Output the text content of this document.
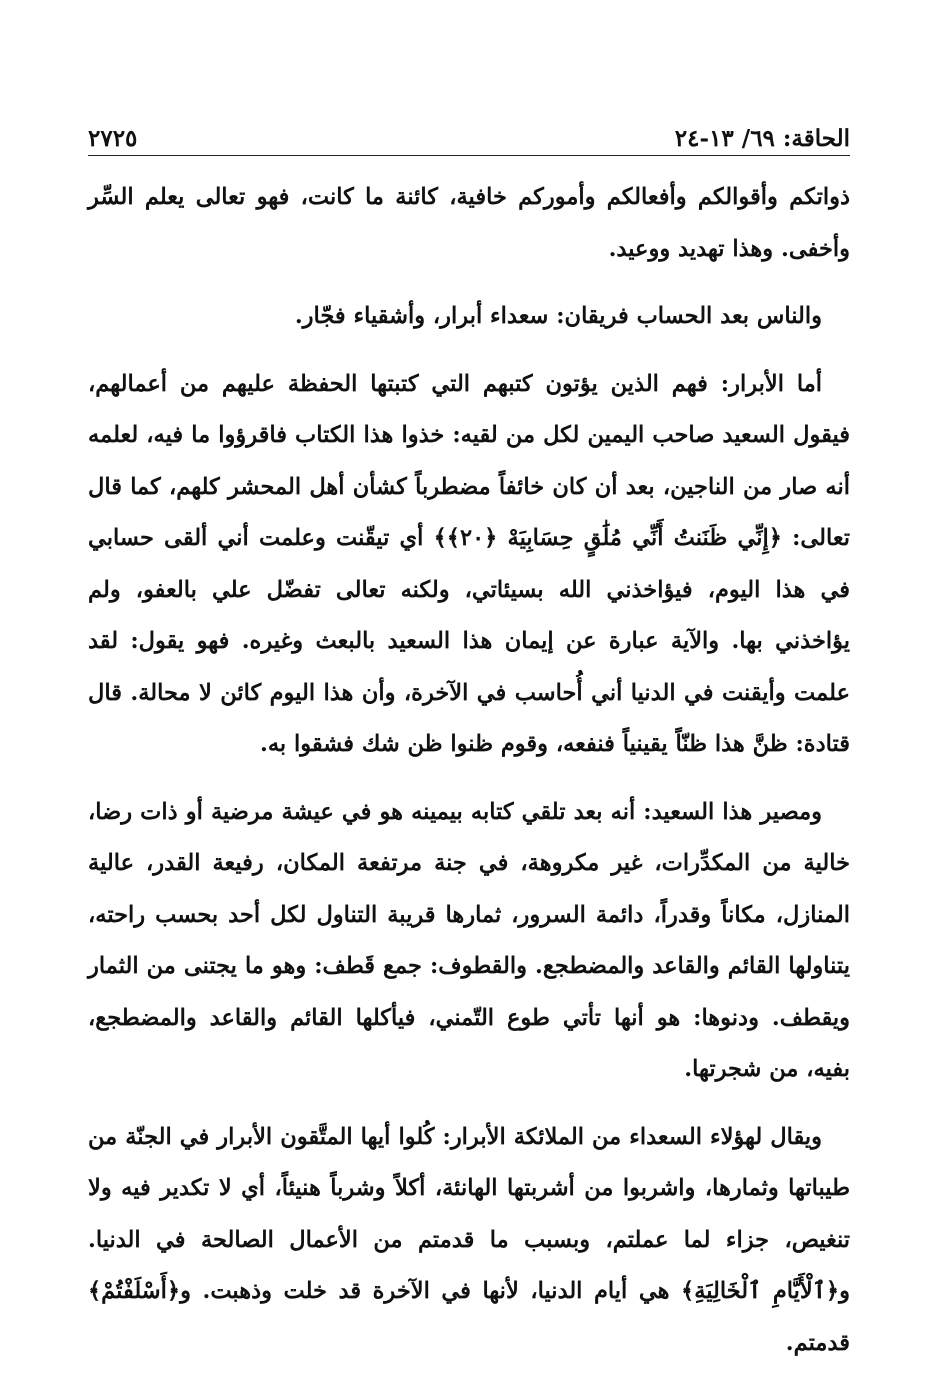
الحاقة: ٦٩/ ١٣-٢٤
٢٧٢٥

ذواتكم وأقوالكم وأفعالكم وأموركم خافية، كائنة ما كانت، فهو تعالى يعلم السِّر وأخفى. وهذا تهديد ووعيد.

والناس بعد الحساب فريقان: سعداء أبرار، وأشقياء فجّار.

أما الأبرار: فهم الذين يؤتون كتبهم التي كتبتها الحفظة عليهم من أعمالهم، فيقول السعيد صاحب اليمين لكل من لقيه: خذوا هذا الكتاب فاقرؤوا ما فيه، لعلمه أنه صار من الناجين، بعد أن كان خائفاً مضطرباً كشأن أهل المحشر كلهم، كما قال تعالى: ﴿إِنِّي ظَنَنتُ أَنِّي مُلَٰقٍ حِسَابِيَهْ ﴿٢٠﴾﴾ أي تيقّنت وعلمت أني ألقى حسابي في هذا اليوم، فيؤاخذني الله بسيئاتي، ولكنه تعالى تفضّل علي بالعفو، ولم يؤاخذني بها. والآية عبارة عن إيمان هذا السعيد بالبعث وغيره. فهو يقول: لقد علمت وأيقنت في الدنيا أني أُحاسب في الآخرة، وأن هذا اليوم كائن لا محالة. قال قتادة: ظنَّ هذا ظنّاً يقينياً فنفعه، وقوم ظنوا ظن شك فشقوا به.

ومصير هذا السعيد: أنه بعد تلقي كتابه بيمينه هو في عيشة مرضية أو ذات رضا، خالية من المكدِّرات، غير مكروهة، في جنة مرتفعة المكان، رفيعة القدر، عالية المنازل، مكاناً وقدراً، دائمة السرور، ثمارها قريبة التناول لكل أحد بحسب راحته، يتناولها القائم والقاعد والمضطجع. والقطوف: جمع قَطف: وهو ما يجتنى من الثمار ويقطف. ودنوها: هو أنها تأتي طوع التّمني، فيأكلها القائم والقاعد والمضطجع، بفيه، من شجرتها.

ويقال لهؤلاء السعداء من الملائكة الأبرار: كُلوا أيها المتَّقون الأبرار في الجنّة من طيباتها وثمارها، واشربوا من أشربتها الهانئة، أكلاً وشرباً هنيئاً، أي لا تكدير فيه ولا تنغيص، جزاء لما عملتم، وبسبب ما قدمتم من الأعمال الصالحة في الدنيا. و﴿ٱلْأَيَّامِ ٱلْخَالِيَةِ﴾ هي أيام الدنيا، لأنها في الآخرة قد خلت وذهبت. و﴿أَسْلَفْتُمْ﴾ قدمتم.
